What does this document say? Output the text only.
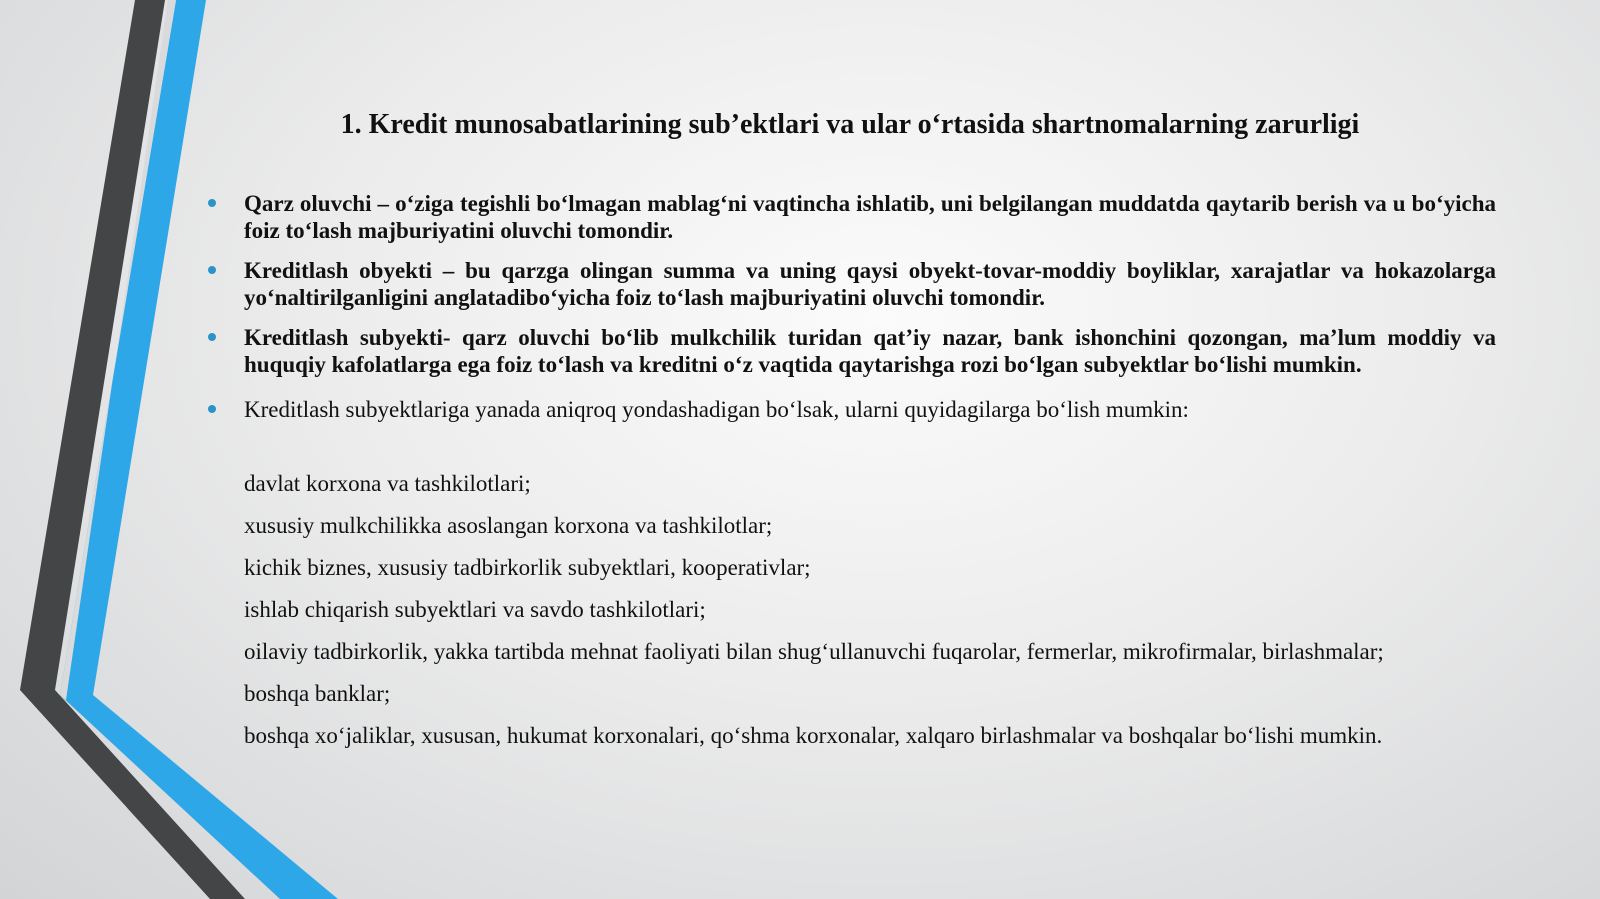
1. Kredit munosabatlarining sub’ektlari va ular o‘rtasida shartnomalarning zarurligi
Qarz oluvchi – o‘ziga tegishli bo‘lmagan mablag‘ni vaqtincha ishlatib, uni belgilangan muddatda qaytarib berish va u bo‘yicha foiz to‘lash majburiyatini oluvchi tomondir.
Kreditlash obyekti – bu qarzga olingan summa va uning qaysi obyekt-tovar-moddiy boyliklar, xarajatlar va hokazolarga yo‘naltirilganligini anglatadibo‘yicha foiz to‘lash majburiyatini oluvchi tomondir.
Kreditlash subyekti- qarz oluvchi bo‘lib mulkchilik turidan qat’iy nazar, bank ishonchini qozongan, ma’lum moddiy va huquqiy kafolatlarga ega foiz to‘lash va kreditni o‘z vaqtida qaytarishga rozi bo‘lgan subyektlar bo‘lishi mumkin.
Kreditlash subyektlariga yanada aniqroq yondashadigan bo‘lsak, ularni quyidagilarga bo‘lish mumkin:
davlat korxona va tashkilotlari;
xususiy mulkchilikka asoslangan korxona va tashkilotlar;
kichik biznes, xususiy tadbirkorlik subyektlari, kooperativlar;
ishlab chiqarish subyektlari va savdo tashkilotlari;
oilaviy tadbirkorlik, yakka tartibda mehnat faoliyati bilan shug‘ullanuvchi fuqarolar, fermerlar, mikrofirmalar, birlashmalar;
boshqa banklar;
boshqa xo‘jaliklar, xususan, hukumat korxonalari, qo‘shma korxonalar, xalqaro birlashmalar va boshqalar bo‘lishi mumkin.
